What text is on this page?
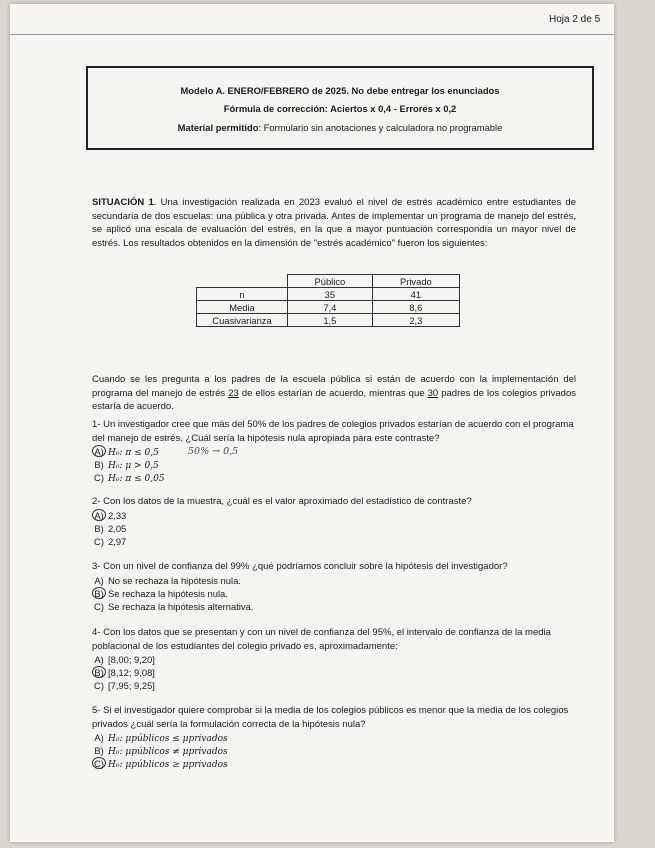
Hoja 2 de 5
Modelo A. ENERO/FEBRERO de 2025. No debe entregar los enunciados
Fórmula de corrección: Aciertos x 0,4 - Errores x 0,2
Material permitido: Formulario sin anotaciones y calculadora no programable
SITUACIÓN 1. Una investigación realizada en 2023 evaluó el nivel de estrés académico entre estudiantes de secundaria de dos escuelas: una pública y otra privada. Antes de implementar un programa de manejo del estrés, se aplicó una escala de evaluación del estrés, en la que a mayor puntuación correspondía un mayor nivel de estrés. Los resultados obtenidos en la dimensión de "estrés académico" fueron los siguientes:
	Público	Privado
n	35	41
Media	7,4	8,6
Cuasivarianza	1,5	2,3
Cuando se les pregunta a los padres de la escuela pública si están de acuerdo con la implementación del programa del manejo de estrés 23 de ellos estarían de acuerdo, mientras que 30 padres de los colegios privados estaría de acuerdo.

1- Un investigador cree que más del 50% de los padres de colegios privados estarían de acuerdo con el programa del manejo de estrés. ¿Cuál sería la hipótesis nula apropiada para este contraste?

A) H₀: π ≤ 0,5	50% → 0,5
B) H₀: μ > 0,5
C) H₀: π ≤ 0,05

2- Con los datos de la muestra, ¿cuál es el valor aproximado del estadístico de contraste?

A) 2,33
B) 2,05
C) 2,97

3- Con un nivel de confianza del 99% ¿qué podríamos concluir sobre la hipótesis del investigador?

A) No se rechaza la hipótesis nula.
B) Se rechaza la hipótesis nula.
C) Se rechaza la hipótesis alternativa.

4- Con los datos que se presentan y con un nivel de confianza del 95%, el intervalo de confianza de la media poblacional de los estudiantes del colegio privado es, aproximadamente:

A) [8,00; 9,20]
B) [8,12; 9,08]
C) [7,95; 9,25]

5- Si el investigador quiere comprobar si la media de los colegios públicos es menor que la media de los colegios privados ¿cuál sería la formulación correcta de la hipótesis nula?

A) H₀: μpúblicos ≤ μprivados
B) H₀: μpúblicos ≠ μprivados
C) H₀: μpúblicos ≥ μprivados
